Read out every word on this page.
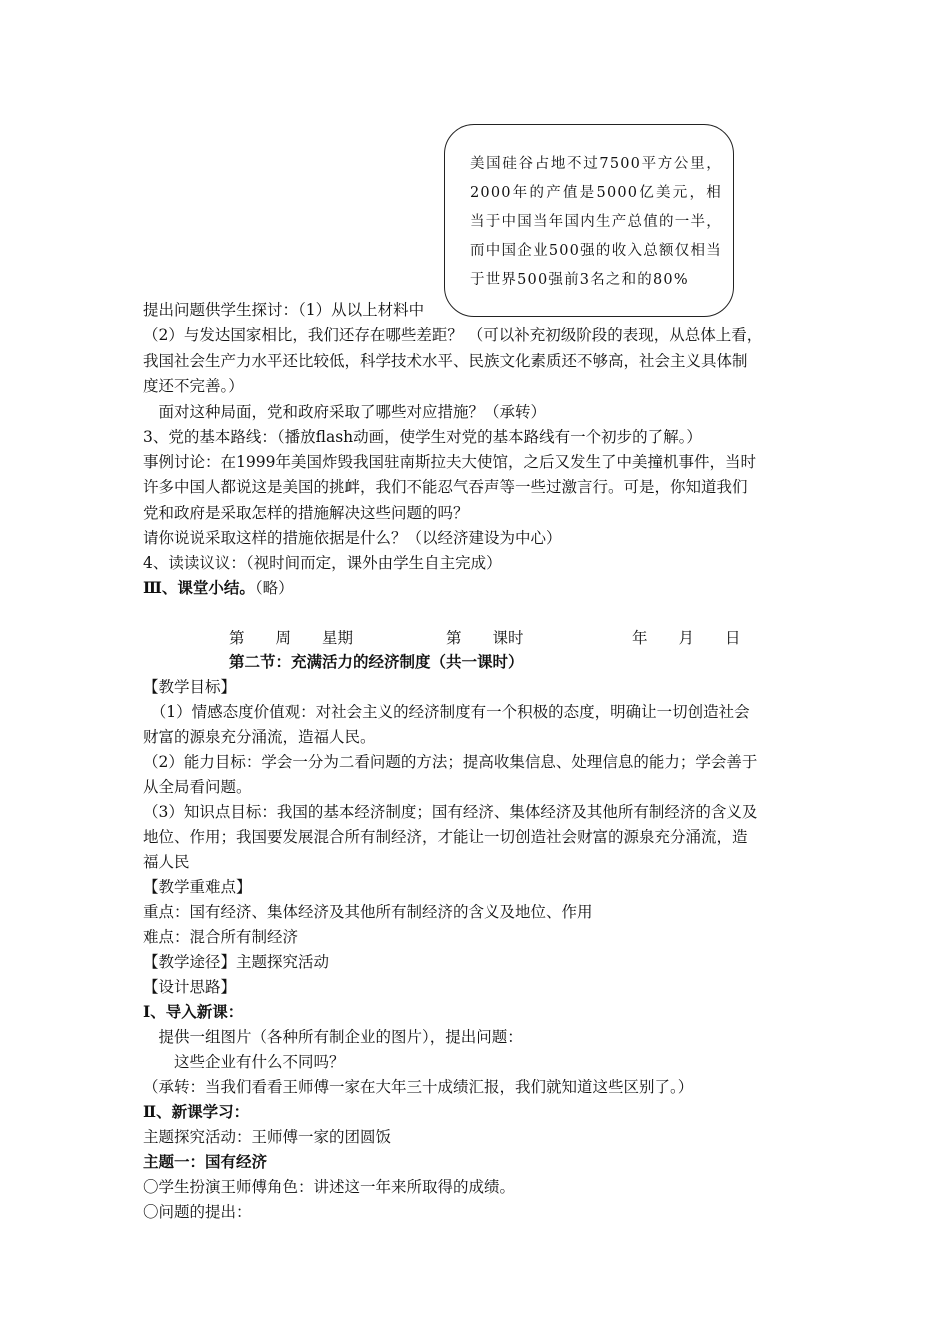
美国硅谷占地不过7500平方公里， 2000年的产值是5000亿美元，相当于中国当年国内生产总值的一半，而中国企业500强的收入总额仅相当于世界500强前3名之和的80%
提出问题供学生探讨：（1）从以上材料中
（2）与发达国家相比，我们还存在哪些差距？ （可以补充初级阶段的表现，从总体上看，
我国社会生产力水平还比较低，科学技术水平、民族文化素质还不够高，社会主义具体制
度还不完善。）
　面对这种局面，党和政府采取了哪些对应措施？（承转）
3、党的基本路线：（播放flash动画，使学生对党的基本路线有一个初步的了解。）
事例讨论：在1999年美国炸毁我国驻南斯拉夫大使馆，之后又发生了中美撞机事件，当时
许多中国人都说这是美国的挑衅，我们不能忍气吞声等一些过激言行。可是，你知道我们
党和政府是采取怎样的措施解决这些问题的吗？
请你说说采取这样的措施依据是什么？（以经济建设为中心）
4、读读议议：（视时间而定，课外由学生自主完成）
Ⅲ、课堂小结。（略）
第　　周　　星期	第　　课时	年　　月　　日
第二节：充满活力的经济制度（共一课时）
【教学目标】
　（1）情感态度价值观：对社会主义的经济制度有一个积极的态度，明确让一切创造社会
财富的源泉充分涌流，造福人民。
（2）能力目标：学会一分为二看问题的方法；提高收集信息、处理信息的能力；学会善于
从全局看问题。
（3）知识点目标：我国的基本经济制度；国有经济、集体经济及其他所有制经济的含义及
地位、作用；我国要发展混合所有制经济，才能让一切创造社会财富的源泉充分涌流，造
福人民
【教学重难点】
重点：国有经济、集体经济及其他所有制经济的含义及地位、作用
难点：混合所有制经济
【教学途径】主题探究活动
【设计思路】
Ⅰ、导入新课：
　提供一组图片（各种所有制企业的图片），提出问题：
　　这些企业有什么不同吗？
（承转：当我们看看王师傅一家在大年三十成绩汇报，我们就知道这些区别了。）
Ⅱ、新课学习：
主题探究活动：王师傅一家的团圆饭
主题一：国有经济
〇学生扮演王师傅角色：讲述这一年来所取得的成绩。
〇问题的提出：
